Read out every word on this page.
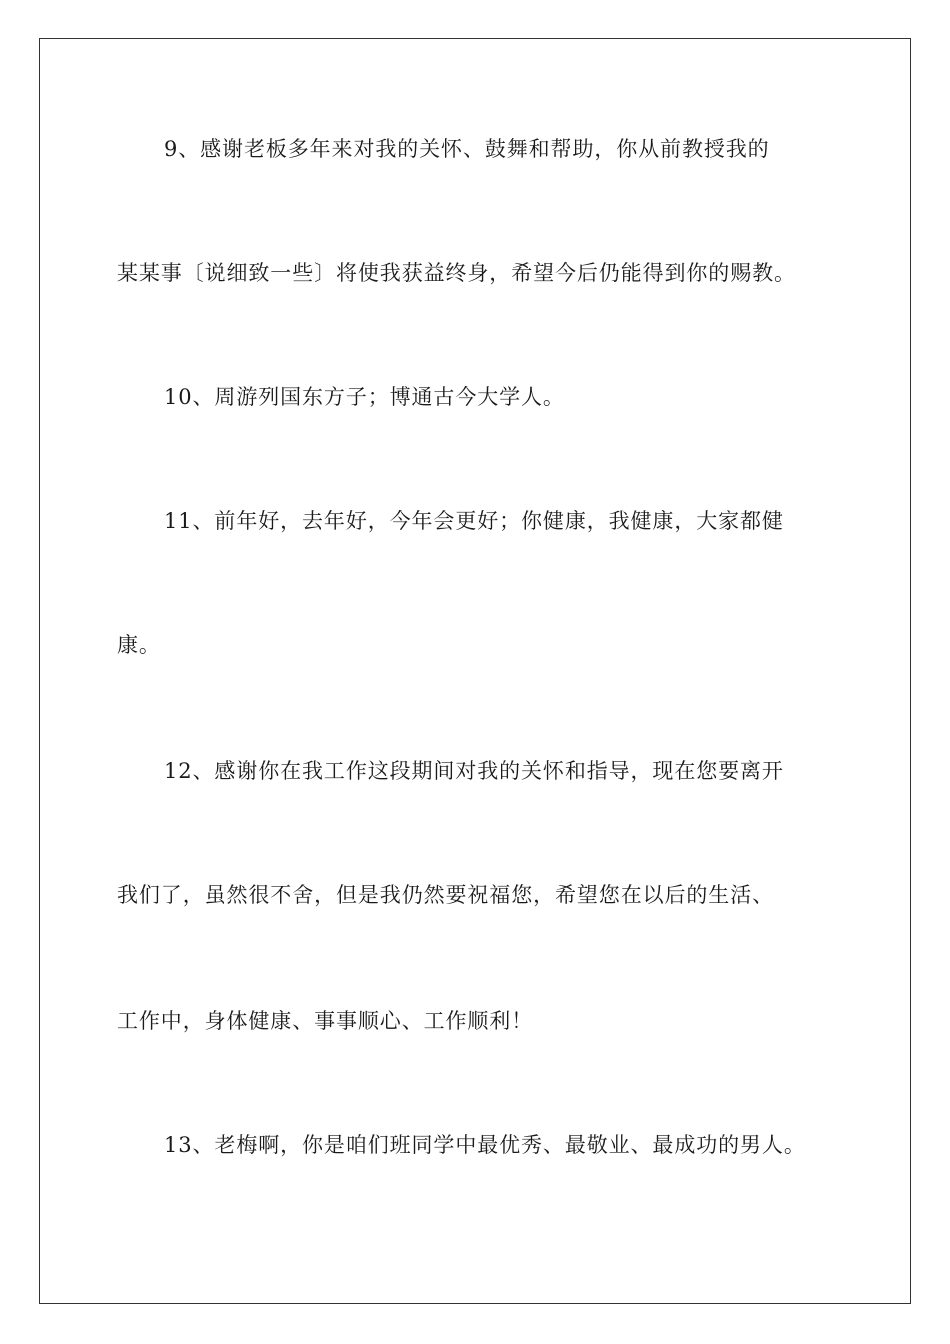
9、感谢老板多年来对我的关怀、鼓舞和帮助，你从前教授我的
某某事〔说细致一些〕将使我获益终身，希望今后仍能得到你的赐教。
10、周游列国东方子；博通古今大学人。
11、前年好，去年好，今年会更好；你健康，我健康，大家都健
康。
12、感谢你在我工作这段期间对我的关怀和指导，现在您要离开
我们了，虽然很不舍，但是我仍然要祝福您，希望您在以后的生活、
工作中，身体健康、事事顺心、工作顺利！
13、老梅啊，你是咱们班同学中最优秀、最敬业、最成功的男人。
